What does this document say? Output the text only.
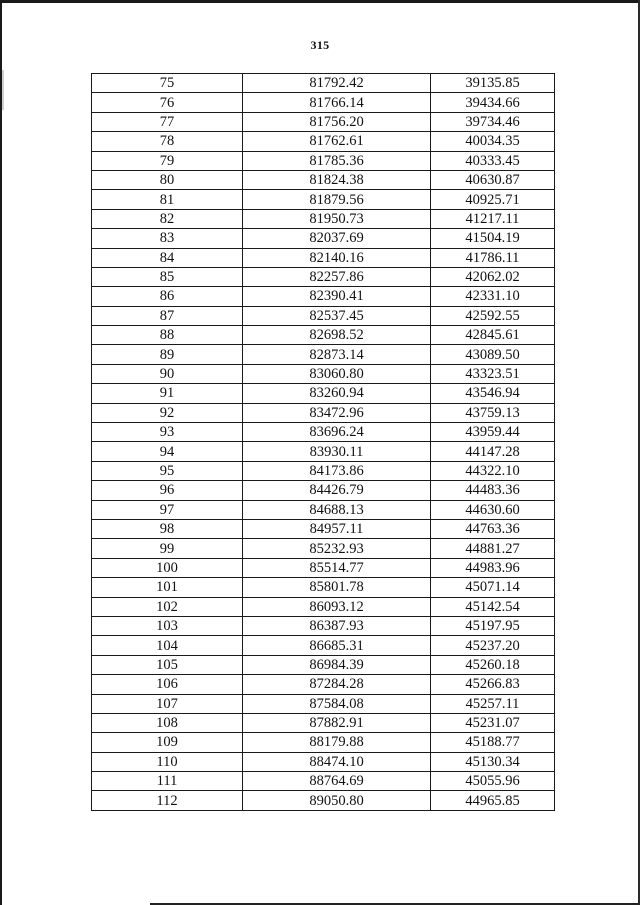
315
75	81792.42	39135.85
76	81766.14	39434.66
77	81756.20	39734.46
78	81762.61	40034.35
79	81785.36	40333.45
80	81824.38	40630.87
81	81879.56	40925.71
82	81950.73	41217.11
83	82037.69	41504.19
84	82140.16	41786.11
85	82257.86	42062.02
86	82390.41	42331.10
87	82537.45	42592.55
88	82698.52	42845.61
89	82873.14	43089.50
90	83060.80	43323.51
91	83260.94	43546.94
92	83472.96	43759.13
93	83696.24	43959.44
94	83930.11	44147.28
95	84173.86	44322.10
96	84426.79	44483.36
97	84688.13	44630.60
98	84957.11	44763.36
99	85232.93	44881.27
100	85514.77	44983.96
101	85801.78	45071.14
102	86093.12	45142.54
103	86387.93	45197.95
104	86685.31	45237.20
105	86984.39	45260.18
106	87284.28	45266.83
107	87584.08	45257.11
108	87882.91	45231.07
109	88179.88	45188.77
110	88474.10	45130.34
111	88764.69	45055.96
112	89050.80	44965.85
